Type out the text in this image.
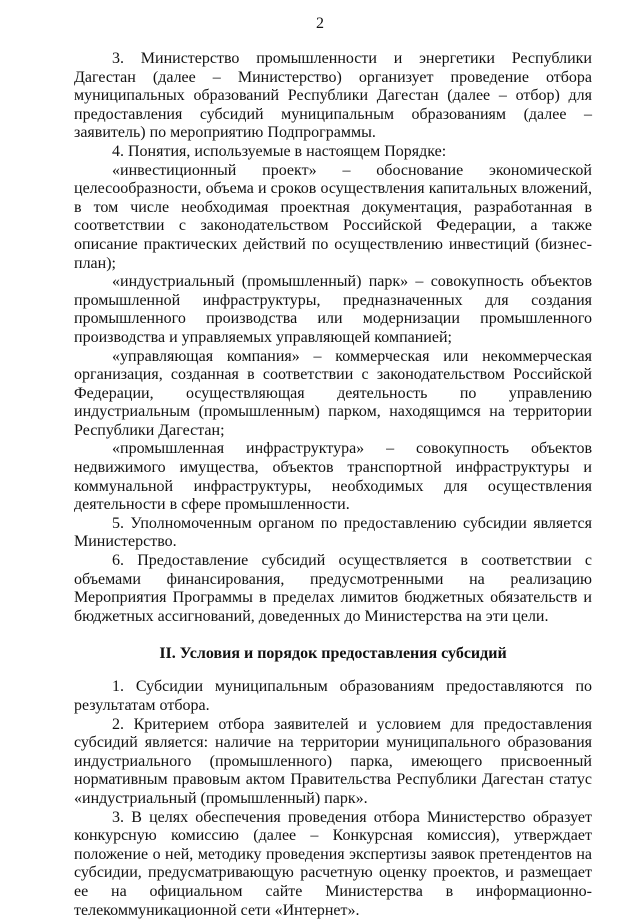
2

3. Министерство промышленности и энергетики Республики Дагестан (далее – Министерство) организует проведение отбора муниципальных образований Республики Дагестан (далее – отбор) для предоставления субсидий муниципальным образованиям (далее – заявитель) по мероприятию Подпрограммы.

4. Понятия, используемые в настоящем Порядке:

«инвестиционный проект» – обоснование экономической целесообразности, объема и сроков осуществления капитальных вложений, в том числе необходимая проектная документация, разработанная в соответствии с законодательством Российской Федерации, а также описание практических действий по осуществлению инвестиций (бизнес-план);

«индустриальный (промышленный) парк» – совокупность объектов промышленной инфраструктуры, предназначенных для создания промышленного производства или модернизации промышленного производства и управляемых управляющей компанией;

«управляющая компания» – коммерческая или некоммерческая организация, созданная в соответствии с законодательством Российской Федерации, осуществляющая деятельность по управлению индустриальным (промышленным) парком, находящимся на территории Республики Дагестан;

«промышленная инфраструктура» – совокупность объектов недвижимого имущества, объектов транспортной инфраструктуры и коммунальной инфраструктуры, необходимых для осуществления деятельности в сфере промышленности.

5. Уполномоченным органом по предоставлению субсидии является Министерство.

6. Предоставление субсидий осуществляется в соответствии с объемами финансирования, предусмотренными на реализацию Мероприятия Программы в пределах лимитов бюджетных обязательств и бюджетных ассигнований, доведенных до Министерства на эти цели.

II. Условия и порядок предоставления субсидий

1. Субсидии муниципальным образованиям предоставляются по результатам отбора.

2. Критерием отбора заявителей и условием для предоставления субсидий является: наличие на территории муниципального образования индустриального (промышленного) парка, имеющего присвоенный нормативным правовым актом Правительства Республики Дагестан статус «индустриальный (промышленный) парк».

3. В целях обеспечения проведения отбора Министерство образует конкурсную комиссию (далее – Конкурсная комиссия), утверждает положение о ней, методику проведения экспертизы заявок претендентов на субсидии, предусматривающую расчетную оценку проектов, и размещает ее на официальном сайте Министерства в информационно-телекоммуникационной сети «Интернет».
